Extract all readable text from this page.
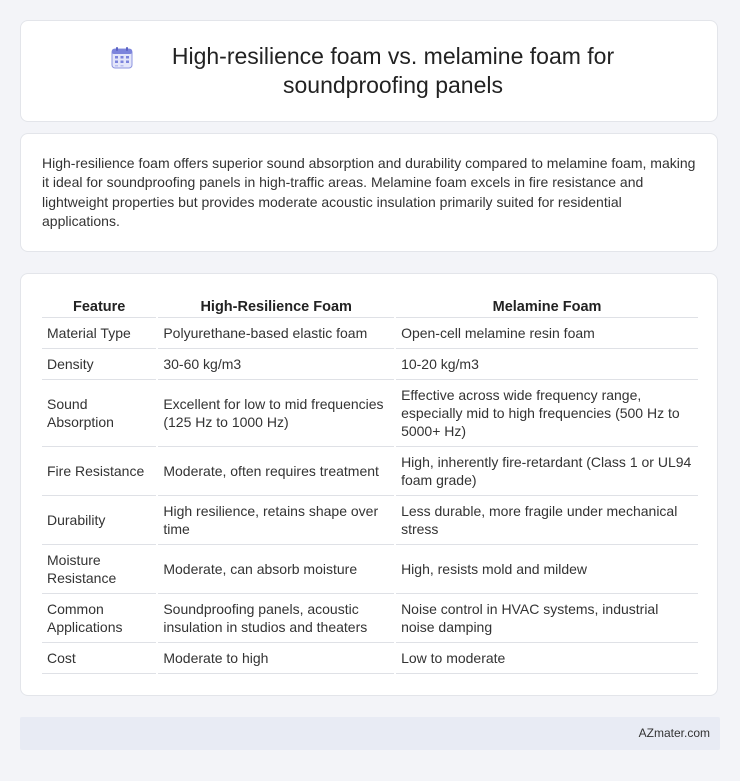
High-resilience foam vs. melamine foam for soundproofing panels

High-resilience foam offers superior sound absorption and durability compared to melamine foam, making it ideal for soundproofing panels in high-traffic areas. Melamine foam excels in fire resistance and lightweight properties but provides moderate acoustic insulation primarily suited for residential applications.

Feature	High-Resilience Foam	Melamine Foam
Material Type	Polyurethane-based elastic foam	Open-cell melamine resin foam
Density	30-60 kg/m3	10-20 kg/m3
Sound Absorption	Excellent for low to mid frequencies (125 Hz to 1000 Hz)	Effective across wide frequency range, especially mid to high frequencies (500 Hz to 5000+ Hz)
Fire Resistance	Moderate, often requires treatment	High, inherently fire-retardant (Class 1 or UL94 foam grade)
Durability	High resilience, retains shape over time	Less durable, more fragile under mechanical stress
Moisture Resistance	Moderate, can absorb moisture	High, resists mold and mildew
Common Applications	Soundproofing panels, acoustic insulation in studios and theaters	Noise control in HVAC systems, industrial noise damping
Cost	Moderate to high	Low to moderate
AZmater.com
